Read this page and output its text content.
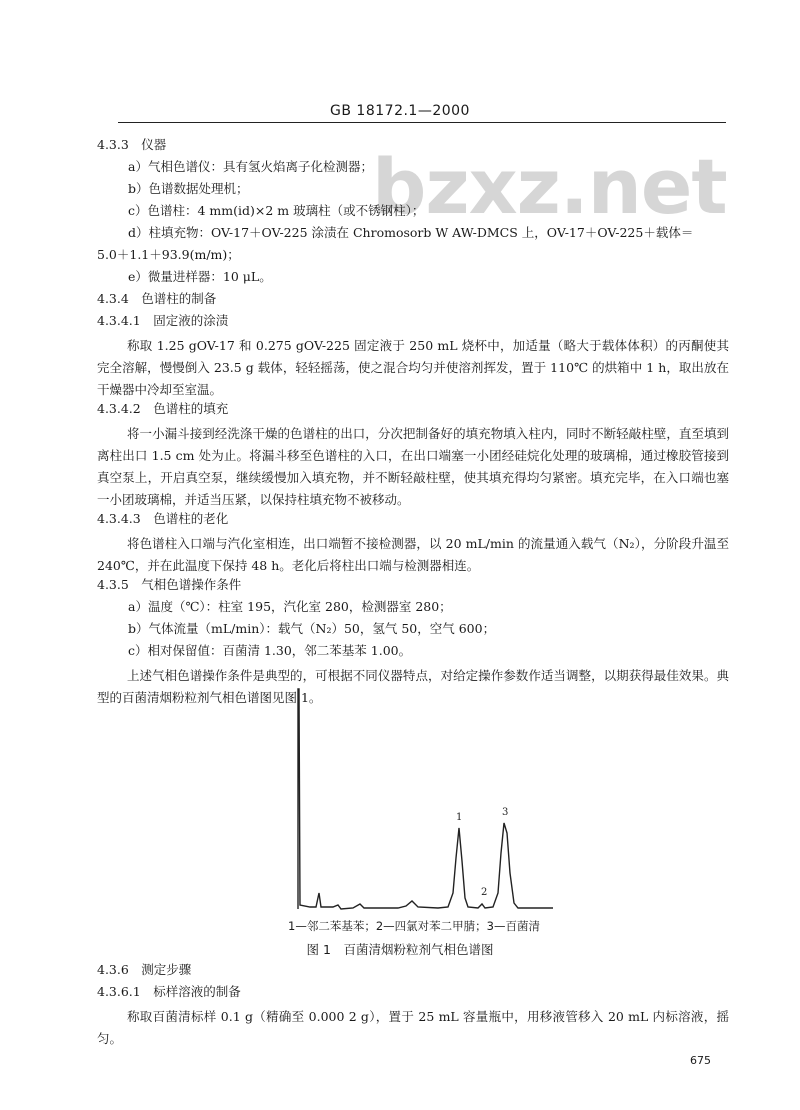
GB 18172.1—2000
bzxz.net
4.3.3　仪器
a）气相色谱仪：具有氢火焰离子化检测器；
b）色谱数据处理机；
c）色谱柱：4 mm(id)×2 m 玻璃柱（或不锈钢柱）；
d）柱填充物：OV-17＋OV-225 涂渍在 Chromosorb W AW-DMCS 上，OV-17＋OV-225＋载体＝
5.0＋1.1＋93.9(m/m)；
e）微量进样器：10 μL。
4.3.4　色谱柱的制备
4.3.4.1　固定液的涂渍
称取 1.25 gOV-17 和 0.275 gOV-225 固定液于 250 mL 烧杯中，加适量（略大于载体体积）的丙酮使其完全溶解，慢慢倒入 23.5 g 载体，轻轻摇荡，使之混合均匀并使溶剂挥发，置于 110℃ 的烘箱中 1 h，取出放在干燥器中冷却至室温。
4.3.4.2　色谱柱的填充
将一小漏斗接到经洗涤干燥的色谱柱的出口，分次把制备好的填充物填入柱内，同时不断轻敲柱壁，直至填到离柱出口 1.5 cm 处为止。将漏斗移至色谱柱的入口，在出口端塞一小团经硅烷化处理的玻璃棉，通过橡胶管接到真空泵上，开启真空泵，继续缓慢加入填充物，并不断轻敲柱壁，使其填充得均匀紧密。填充完毕，在入口端也塞一小团玻璃棉，并适当压紧，以保持柱填充物不被移动。
4.3.4.3　色谱柱的老化
将色谱柱入口端与汽化室相连，出口端暂不接检测器，以 20 mL/min 的流量通入载气（N₂），分阶段升温至 240℃，并在此温度下保持 48 h。老化后将柱出口端与检测器相连。
4.3.5　气相色谱操作条件
a）温度（℃）：柱室 195，汽化室 280，检测器室 280；
b）气体流量（mL/min）：载气（N₂）50，氢气 50，空气 600；
c）相对保留值：百菌清 1.30，邻二苯基苯 1.00。
上述气相色谱操作条件是典型的，可根据不同仪器特点，对给定操作参数作适当调整，以期获得最佳效果。典型的百菌清烟粉粒剂气相色谱图见图 1。
1
2
3
1—邻二苯基苯；2—四氯对苯二甲腈；3—百菌清
图 1　百菌清烟粉粒剂气相色谱图
4.3.6　测定步骤
4.3.6.1　标样溶液的制备
称取百菌清标样 0.1 g（精确至 0.000 2 g），置于 25 mL 容量瓶中，用移液管移入 20 mL 内标溶液，摇匀。
675
